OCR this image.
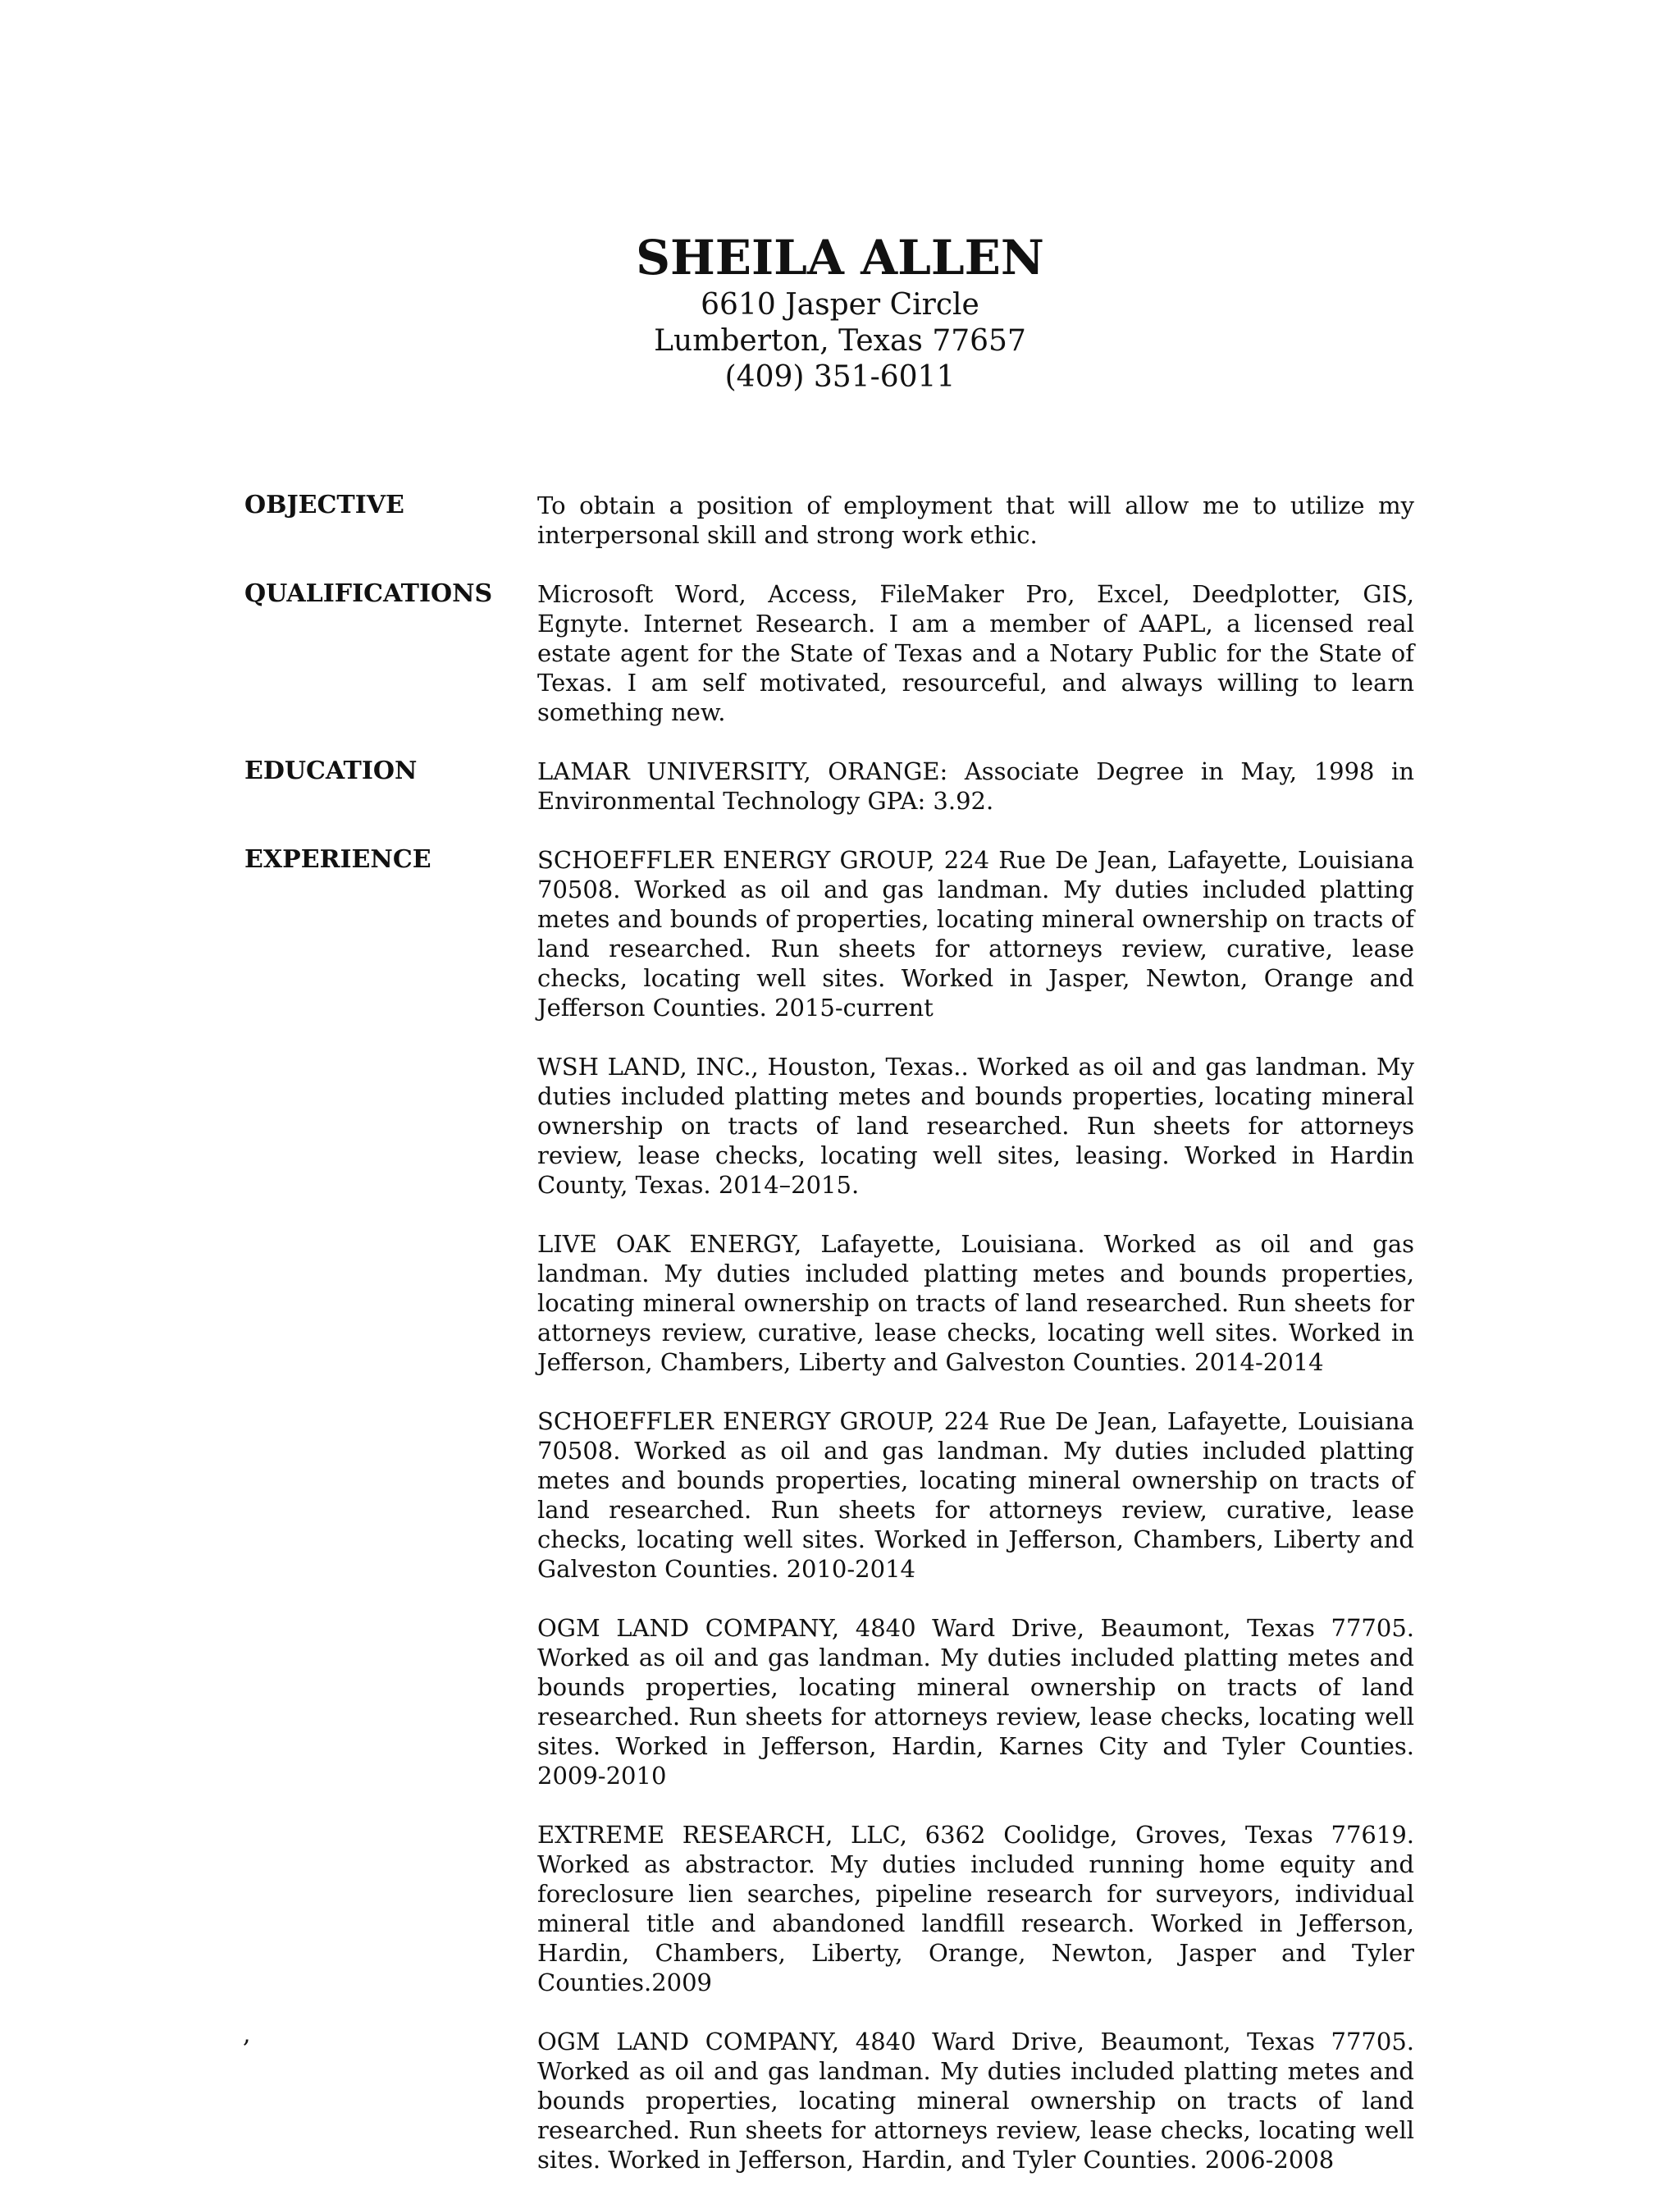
SHEILA ALLEN
6610 Jasper Circle
Lumberton, Texas 77657
(409) 351-6011
OBJECTIVE	To obtain a position of employment that will allow me to utilize my interpersonal skill and strong work ethic.
QUALIFICATIONS	Microsoft Word, Access, FileMaker Pro, Excel, Deedplotter, GIS, Egnyte. Internet Research. I am a member of AAPL, a licensed real estate agent for the State of Texas and a Notary Public for the State of Texas. I am self motivated, resourceful, and always willing to learn something new.
EDUCATION	LAMAR UNIVERSITY, ORANGE: Associate Degree in May, 1998 in Environmental Technology GPA: 3.92.
EXPERIENCE	SCHOEFFLER ENERGY GROUP, 224 Rue De Jean, Lafayette, Louisiana 70508. Worked as oil and gas landman. My duties included platting metes and bounds of properties, locating mineral ownership on tracts of land researched. Run sheets for attorneys review, curative, lease checks, locating well sites. Worked in Jasper, Newton, Orange and Jefferson Counties. 2015-current
WSH LAND, INC., Houston, Texas.. Worked as oil and gas landman. My duties included platting metes and bounds properties, locating mineral ownership on tracts of land researched. Run sheets for attorneys review, lease checks, locating well sites, leasing. Worked in Hardin County, Texas. 2014–2015.
LIVE OAK ENERGY, Lafayette, Louisiana. Worked as oil and gas landman. My duties included platting metes and bounds properties, locating mineral ownership on tracts of land researched. Run sheets for attorneys review, curative, lease checks, locating well sites. Worked in Jefferson, Chambers, Liberty and Galveston Counties. 2014-2014
SCHOEFFLER ENERGY GROUP, 224 Rue De Jean, Lafayette, Louisiana 70508. Worked as oil and gas landman. My duties included platting metes and bounds properties, locating mineral ownership on tracts of land researched. Run sheets for attorneys review, curative, lease checks, locating well sites. Worked in Jefferson, Chambers, Liberty and Galveston Counties. 2010-2014
OGM LAND COMPANY, 4840 Ward Drive, Beaumont, Texas 77705. Worked as oil and gas landman. My duties included platting metes and bounds properties, locating mineral ownership on tracts of land researched. Run sheets for attorneys review, lease checks, locating well sites. Worked in Jefferson, Hardin, Karnes City and Tyler Counties. 2009-2010
EXTREME RESEARCH, LLC, 6362 Coolidge, Groves, Texas 77619. Worked as abstractor. My duties included running home equity and foreclosure lien searches, pipeline research for surveyors, individual mineral title and abandoned landfill research. Worked in Jefferson, Hardin, Chambers, Liberty, Orange, Newton, Jasper and Tyler Counties.2009
OGM LAND COMPANY, 4840 Ward Drive, Beaumont, Texas 77705. Worked as oil and gas landman. My duties included platting metes and bounds properties, locating mineral ownership on tracts of land researched. Run sheets for attorneys review, lease checks, locating well sites. Worked in Jefferson, Hardin, and Tyler Counties. 2006-2008
,
